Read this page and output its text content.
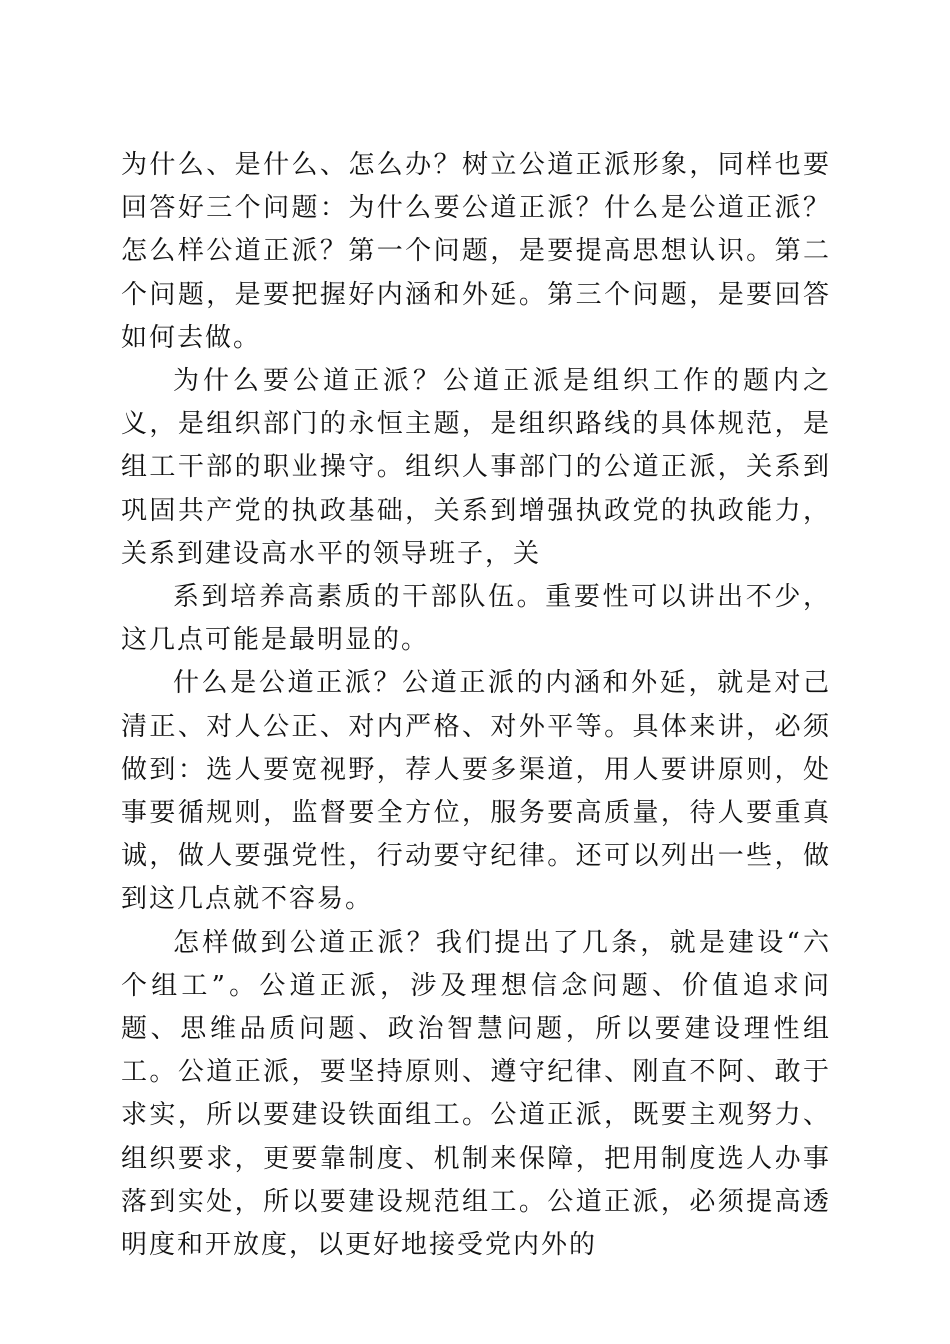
为什么、是什么、怎么办？树立公道正派形象，同样也要回答好三个问题：为什么要公道正派？什么是公道正派？怎么样公道正派？第一个问题，是要提高思想认识。第二个问题，是要把握好内涵和外延。第三个问题，是要回答如何去做。

为什么要公道正派？公道正派是组织工作的题内之义，是组织部门的永恒主题，是组织路线的具体规范，是组工干部的职业操守。组织人事部门的公道正派，关系到巩固共产党的执政基础，关系到增强执政党的执政能力，关系到建设高水平的领导班子，关

系到培养高素质的干部队伍。重要性可以讲出不少，这几点可能是最明显的。

什么是公道正派？公道正派的内涵和外延，就是对己清正、对人公正、对内严格、对外平等。具体来讲，必须做到：选人要宽视野，荐人要多渠道，用人要讲原则，处事要循规则，监督要全方位，服务要高质量，待人要重真诚，做人要强党性，行动要守纪律。还可以列出一些，做到这几点就不容易。

怎样做到公道正派？我们提出了几条，就是建设“六个组工”。公道正派，涉及理想信念问题、价值追求问题、思维品质问题、政治智慧问题，所以要建设理性组工。公道正派，要坚持原则、遵守纪律、刚直不阿、敢于求实，所以要建设铁面组工。公道正派，既要主观努力、组织要求，更要靠制度、机制来保障，把用制度选人办事落到实处，所以要建设规范组工。公道正派，必须提高透明度和开放度，以更好地接受党内外的
